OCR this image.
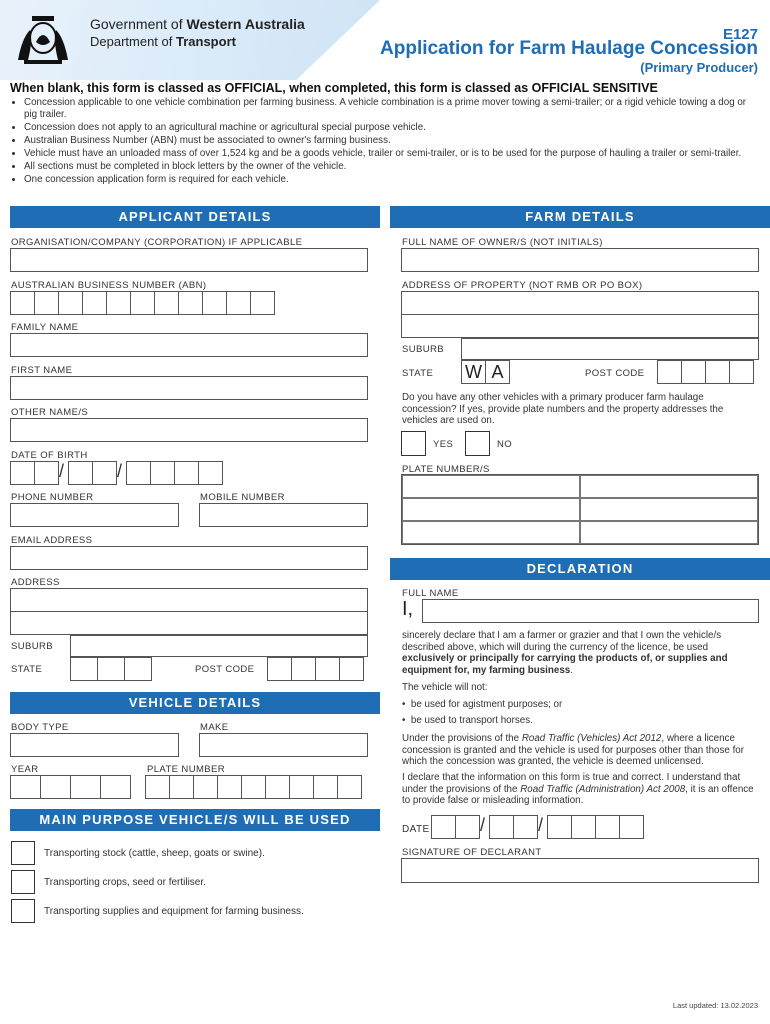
Government of Western Australia
Department of Transport	E127
Application for Farm Haulage Concession
(Primary Producer)
When blank, this form is classed as OFFICIAL, when completed, this form is classed as OFFICIAL SENSITIVE
• Concession applicable to one vehicle combination per farming business. A vehicle combination is a prime mover towing a semi-trailer; or a rigid vehicle towing a dog or pig trailer.
• Concession does not apply to an agricultural machine or agricultural special purpose vehicle.
• Australian Business Number (ABN) must be associated to owner's farming business.
• Vehicle must have an unloaded mass of over 1,524 kg and be a goods vehicle, trailer or semi-trailer, or is to be used for the purpose of hauling a trailer or semi-trailer.
• All sections must be completed in block letters by the owner of the vehicle.
• One concession application form is required for each vehicle.
APPLICANT DETAILS
ORGANISATION/COMPANY (CORPORATION) IF APPLICABLE
AUSTRALIAN BUSINESS NUMBER (ABN)
FAMILY NAME
FIRST NAME
OTHER NAME/S
DATE OF BIRTH
/	/
PHONE NUMBER	MOBILE NUMBER
EMAIL ADDRESS
ADDRESS
SUBURB
STATE	POST CODE
VEHICLE DETAILS
BODY TYPE	MAKE
YEAR	PLATE NUMBER
MAIN PURPOSE VEHICLE/S WILL BE USED
Transporting stock (cattle, sheep, goats or swine).
Transporting crops, seed or fertiliser.
Transporting supplies and equipment for farming business.
FARM DETAILS
FULL NAME OF OWNER/S (NOT INITIALS)
ADDRESS OF PROPERTY (NOT RMB OR PO BOX)
SUBURB
STATE W A	POST CODE
Do you have any other vehicles with a primary producer farm haulage concession? If yes, provide plate numbers and the property addresses the vehicles are used on.
YES	NO
PLATE NUMBER/S
DECLARATION
FULL NAME
I,
sincerely declare that I am a farmer or grazier and that I own the vehicle/s described above, which will during the currency of the licence, be used exclusively or principally for carrying the products of, or supplies and equipment for, my farming business.
The vehicle will not:
•  be used for agistment purposes; or
•  be used to transport horses.
Under the provisions of the Road Traffic (Vehicles) Act 2012, where a licence concession is granted and the vehicle is used for purposes other than those for which the concession was granted, the vehicle is deemed unlicensed.
I declare that the information on this form is true and correct. I understand that under the provisions of the Road Traffic (Administration) Act 2008, it is an offence to provide false or misleading information.
DATE	/	/
SIGNATURE OF DECLARANT
Last updated: 13.02.2023
